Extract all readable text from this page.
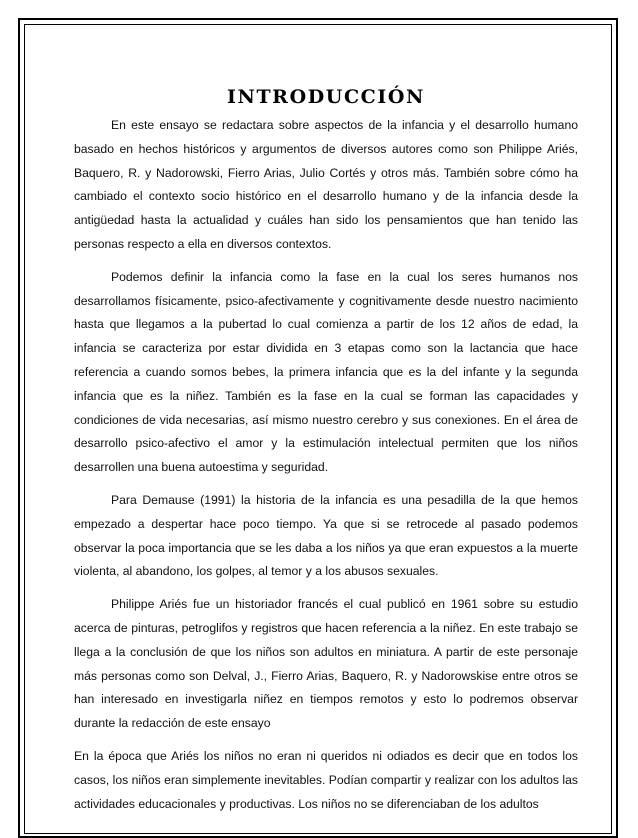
INTRODUCCIÓN

En este ensayo se redactara sobre aspectos de la infancia y el desarrollo humano basado en hechos históricos y argumentos de diversos autores como son Philippe Ariés, Baquero, R. y Nadorowski, Fierro Arias, Julio Cortés y otros más. También sobre cómo ha cambiado el contexto socio histórico en el desarrollo humano y de la infancia desde la antigüedad hasta la actualidad y cuáles han sido los pensamientos que han tenido las personas respecto a ella en diversos contextos.

Podemos definir la infancia como la fase en la cual los seres humanos nos desarrollamos físicamente, psico-afectivamente y cognitivamente desde nuestro nacimiento hasta que llegamos a la pubertad lo cual comienza a partir de los 12 años de edad, la infancia se caracteriza por estar dividida en 3 etapas como son la lactancia que hace referencia a cuando somos bebes, la primera infancia que es la del infante y la segunda infancia que es la niñez. También es la fase en la cual se forman las capacidades y condiciones de vida necesarias, así mismo nuestro cerebro y sus conexiones. En el área de desarrollo psico-afectivo el amor y la estimulación intelectual permiten que los niños desarrollen una buena autoestima y seguridad.

Para Demause (1991) la historia de la infancia es una pesadilla de la que hemos empezado a despertar hace poco tiempo. Ya que si se retrocede al pasado podemos observar la poca importancia que se les daba a los niños ya que eran expuestos a la muerte violenta, al abandono, los golpes, al temor y a los abusos sexuales.

Philippe Ariés fue un historiador francés el cual publicó en 1961 sobre su estudio acerca de pinturas, petroglifos y registros que hacen referencia a la niñez. En este trabajo se llega a la conclusión de que los niños son adultos en miniatura. A partir de este personaje más personas como son Delval, J., Fierro Arias, Baquero, R. y Nadorowskise entre otros se han interesado en investigarla niñez en tiempos remotos y esto lo podremos observar durante la redacción de este ensayo

En la época que Ariés los niños no eran ni queridos ni odiados es decir que en todos los casos, los niños eran simplemente inevitables. Podían compartir y realizar con los adultos las actividades educacionales y productivas. Los niños no se diferenciaban de los adultos
